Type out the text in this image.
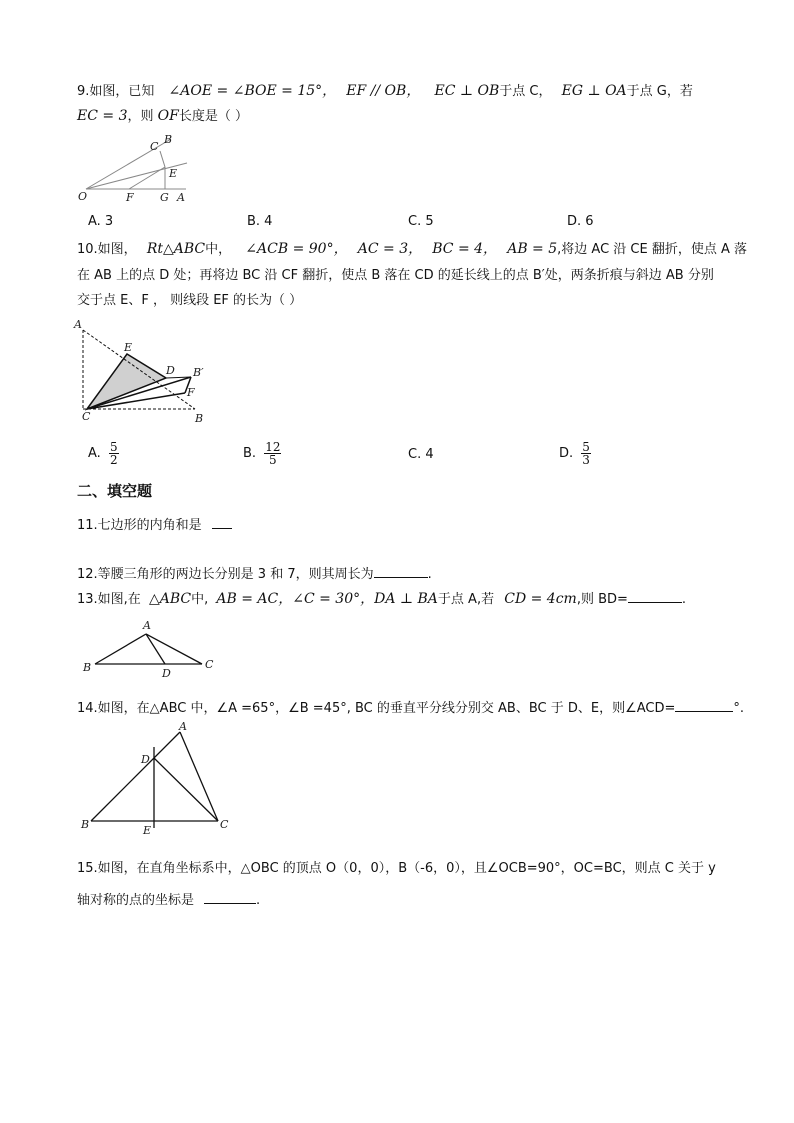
9.如图，已知 ∠AOE = ∠BOE = 15°， EF // OB， EC ⊥ OB于点 C， EG ⊥ OA于点 G，若
EC = 3，则 OF长度是（ ）
O	F G A
C
B
E
A. 3	B. 4	C. 5	D. 6
10.如图， Rt△ABC中， ∠ACB = 90°， AC = 3， BC = 4， AB = 5,将边 AC 沿 CE 翻折，使点 A 落
在 AB 上的点 D 处；再将边 BC 沿 CF 翻折，使点 B 落在 CD 的延长线上的点 B′处，两条折痕与斜边 AB 分别
交于点 E、F ， 则线段 EF 的长为（ ）
A
E
D B′
F
C	B
A. $\frac{5}{2}$	B. $\frac{12}{5}$	C. 4	D. $\frac{5}{3}$
二、填空题
11.七边形的内角和是
12.等腰三角形的两边长分别是 3 和 7，则其周长为	.
13.如图,在 △ABC中, AB = AC，∠C = 30°，DA ⊥ BA于点 A,若 CD = 4cm,则 BD=	.
A
B	C
D
14.如图，在△ABC 中，∠A =65°，∠B =45°, BC 的垂直平分线分别交 AB、BC 于 D、E，则∠ACD=	°.
A
D
B	C
E
15.如图，在直角坐标系中，△OBC 的顶点 O（0，0），B（-6，0），且∠OCB=90°，OC=BC，则点 C 关于 y
轴对称的点的坐标是	.
